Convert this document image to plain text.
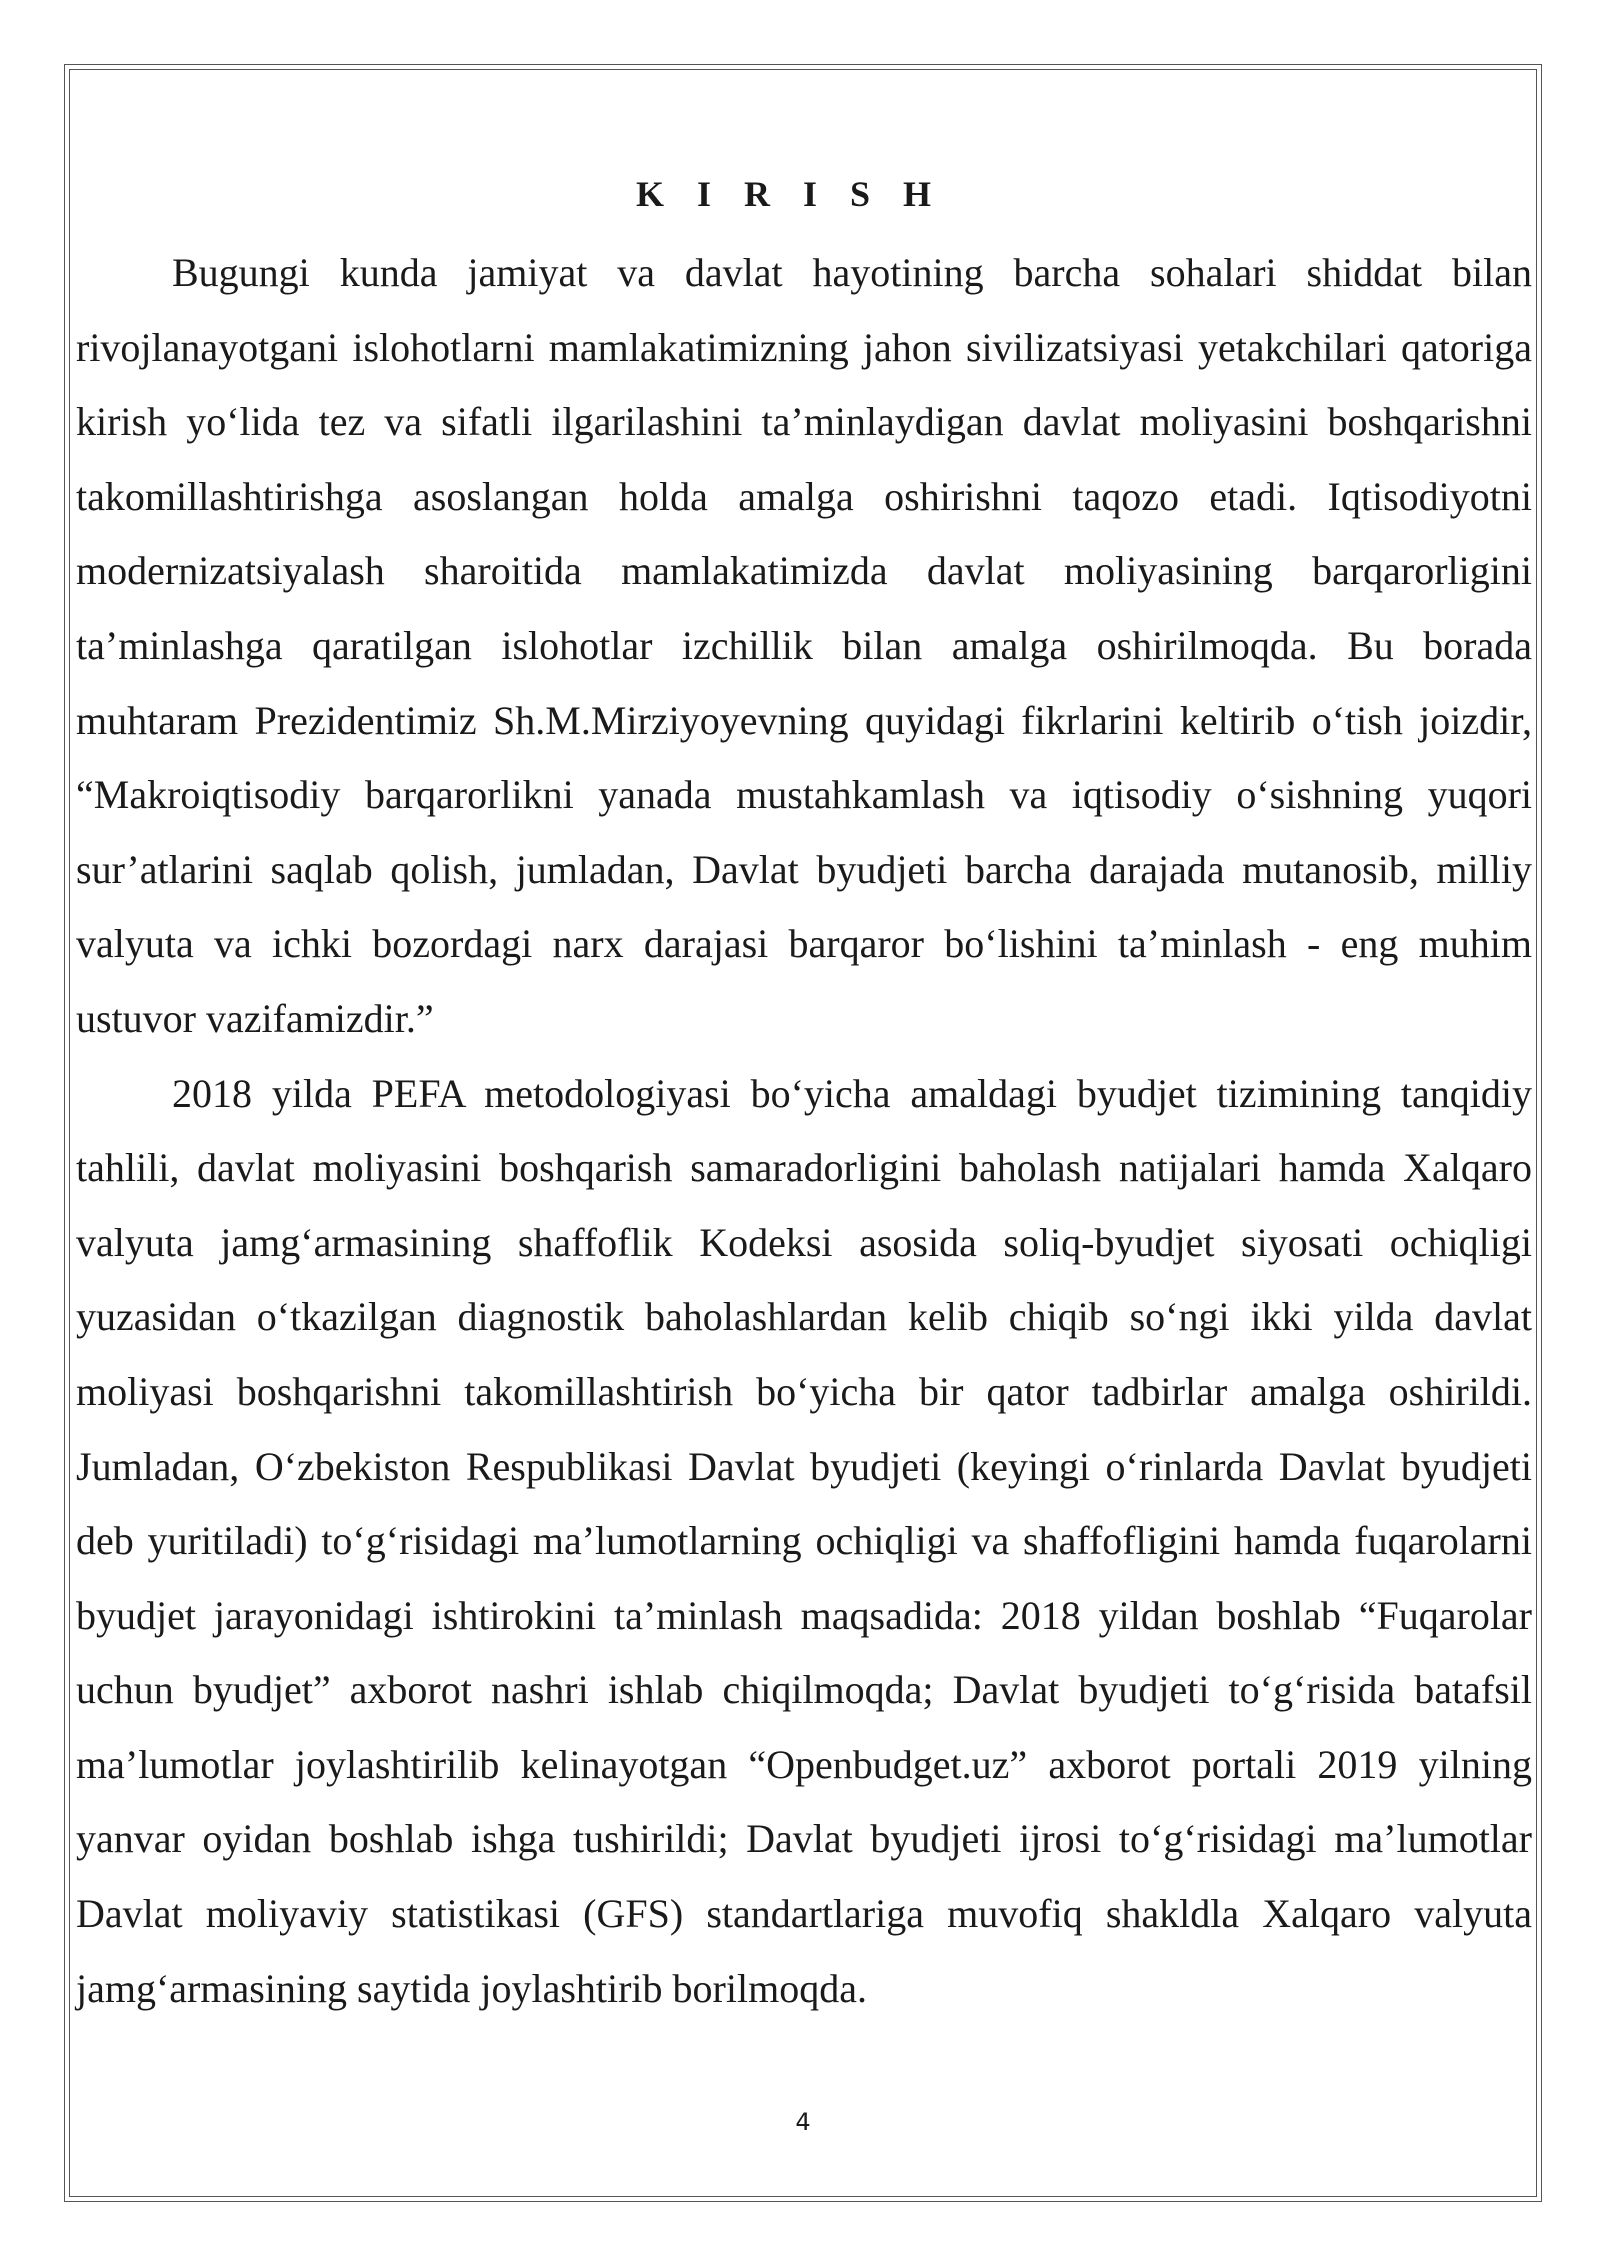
K I R I S H

Bugungi kunda jamiyat va davlat hayotining barcha sohalari shiddat bilan rivojlanayotgani islohotlarni mamlakatimizning jahon sivilizatsiyasi yetakchilari qatoriga kirish yo‘lida tez va sifatli ilgarilashini ta’minlaydigan davlat moliyasini boshqarishni takomillashtirishga asoslangan holda amalga oshirishni taqozo etadi. Iqtisodiyotni modernizatsiyalash sharoitida mamlakatimizda davlat moliyasining barqarorligini ta’minlashga qaratilgan islohotlar izchillik bilan amalga oshirilmoqda. Bu borada muhtaram Prezidentimiz Sh.M.Mirziyoyevning quyidagi fikrlarini keltirib o‘tish joizdir, “Makroiqtisodiy barqarorlikni yanada mustahkamlash va iqtisodiy o‘sishning yuqori sur’atlarini saqlab qolish, jumladan, Davlat byudjeti barcha darajada mutanosib, milliy valyuta va ichki bozordagi narx darajasi barqaror bo‘lishini ta’minlash - eng muhim ustuvor vazifamizdir.”

2018 yilda PEFA metodologiyasi bo‘yicha amaldagi byudjet tizimining tanqidiy tahlili, davlat moliyasini boshqarish samaradorligini baholash natijalari hamda Xalqaro valyuta jamg‘armasining shaffoflik Kodeksi asosida soliq-byudjet siyosati ochiqligi yuzasidan o‘tkazilgan diagnostik baholashlardan kelib chiqib so‘ngi ikki yilda davlat moliyasi boshqarishni takomillashtirish bo‘yicha bir qator tadbirlar amalga oshirildi. Jumladan, O‘zbekiston Respublikasi Davlat byudjeti (keyingi o‘rinlarda Davlat byudjeti deb yuritiladi) to‘g‘risidagi ma’lumotlarning ochiqligi va shaffofligini hamda fuqarolarni byudjet jarayonidagi ishtirokini ta’minlash maqsadida: 2018 yildan boshlab “Fuqarolar uchun byudjet” axborot nashri ishlab chiqilmoqda; Davlat byudjeti to‘g‘risida batafsil ma’lumotlar joylashtirilib kelinayotgan “Openbudget.uz” axborot portali 2019 yilning yanvar oyidan boshlab ishga tushirildi; Davlat byudjeti ijrosi to‘g‘risidagi ma’lumotlar Davlat moliyaviy statistikasi (GFS) standartlariga muvofiq shakldla Xalqaro valyuta jamg‘armasining saytida joylashtirib borilmoqda.

4
